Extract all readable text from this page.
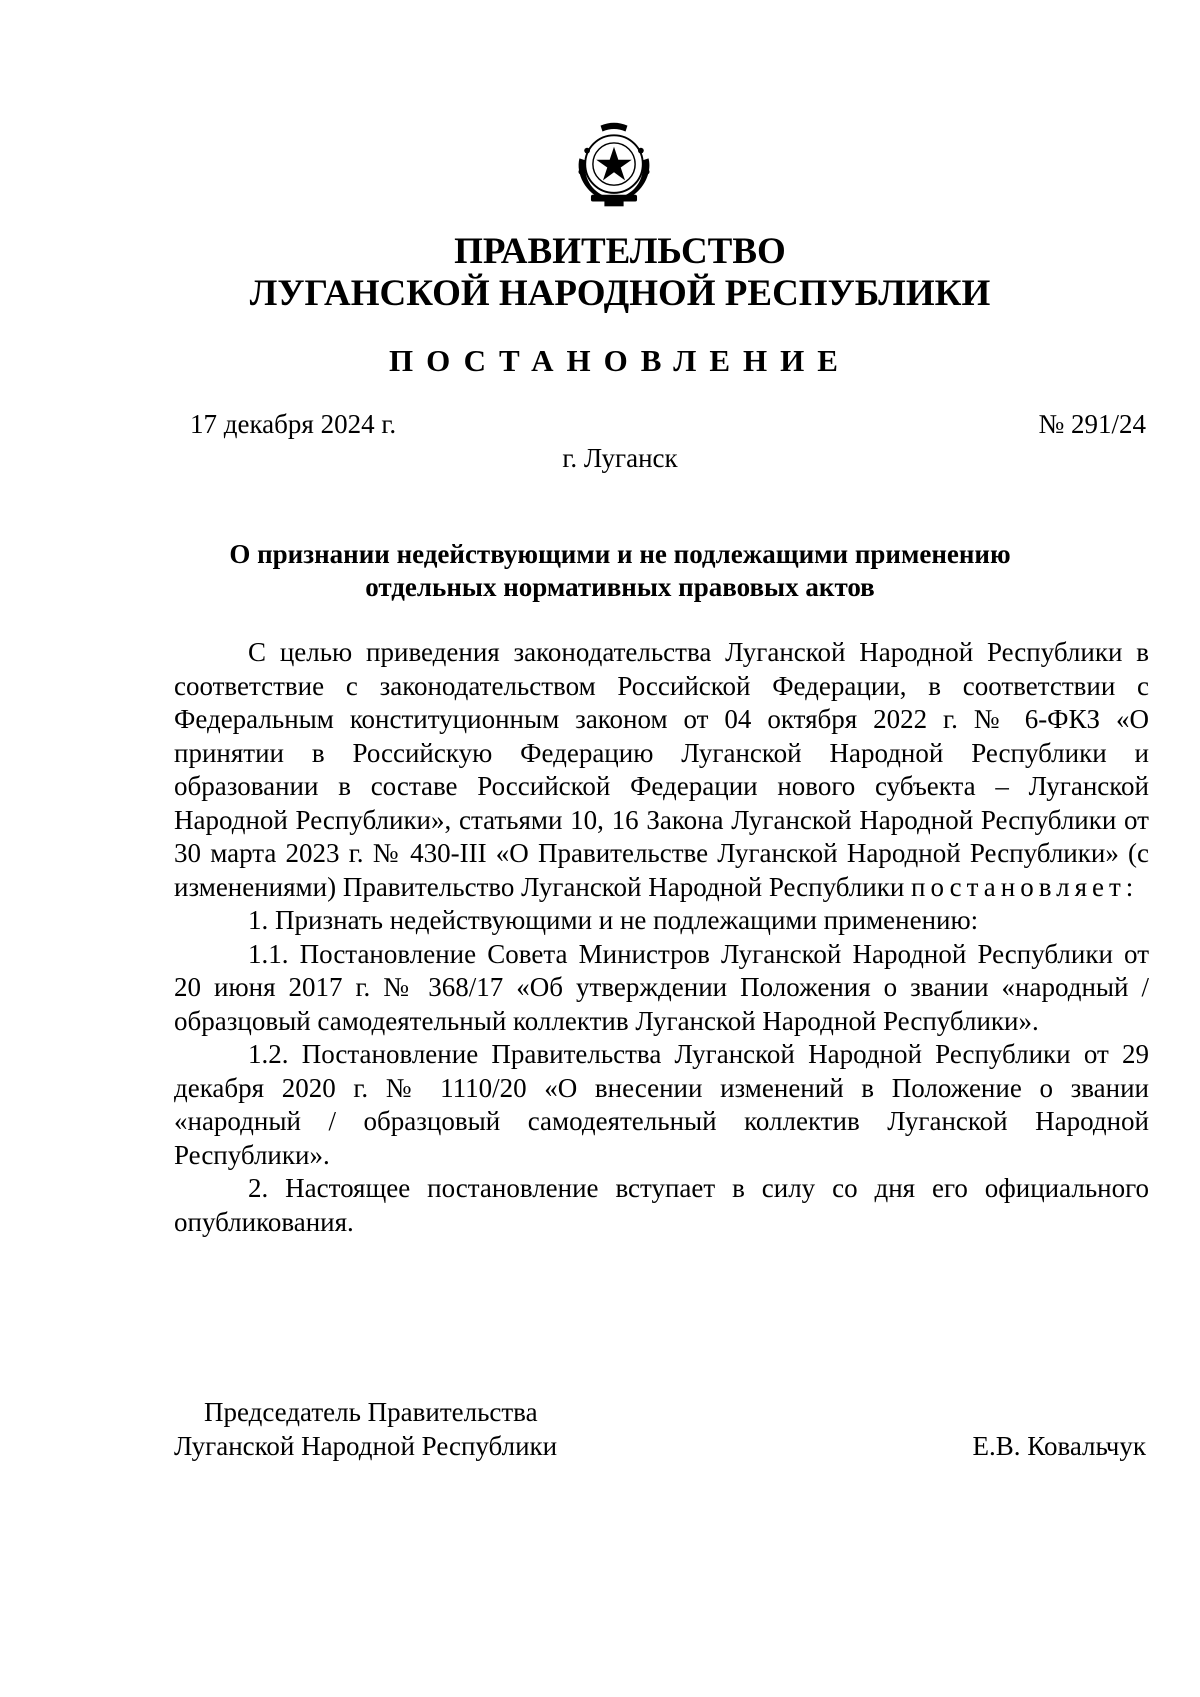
ПРАВИТЕЛЬСТВО
ЛУГАНСКОЙ НАРОДНОЙ РЕСПУБЛИКИ
ПОСТАНОВЛЕНИЕ
17 декабря 2024 г.	№ 291/24
г. Луганск
О признании недействующими и не подлежащими применению
отдельных нормативных правовых актов

С целью приведения законодательства Луганской Народной Республики в соответствие с законодательством Российской Федерации, в соответствии с Федеральным конституционным законом от 04 октября 2022 г. № 6-ФКЗ «О принятии в Российскую Федерацию Луганской Народной Республики и образовании в составе Российской Федерации нового субъекта – Луганской Народной Республики», статьями 10, 16 Закона Луганской Народной Республики от 30 марта 2023 г. № 430-III «О Правительстве Луганской Народной Республики» (с изменениями) Правительство Луганской Народной Республики постановляет:

1. Признать недействующими и не подлежащими применению:

1.1. Постановление Совета Министров Луганской Народной Республики от 20 июня 2017 г. № 368/17 «Об утверждении Положения о звании «народный / образцовый самодеятельный коллектив Луганской Народной Республики».

1.2. Постановление Правительства Луганской Народной Республики от 29 декабря 2020 г. № 1110/20 «О внесении изменений в Положение о звании «народный / образцовый самодеятельный коллектив Луганской Народной Республики».

2. Настоящее постановление вступает в силу со дня его официального опубликования.

Председатель Правительства
Луганской Народной Республики	Е.В. Ковальчук
